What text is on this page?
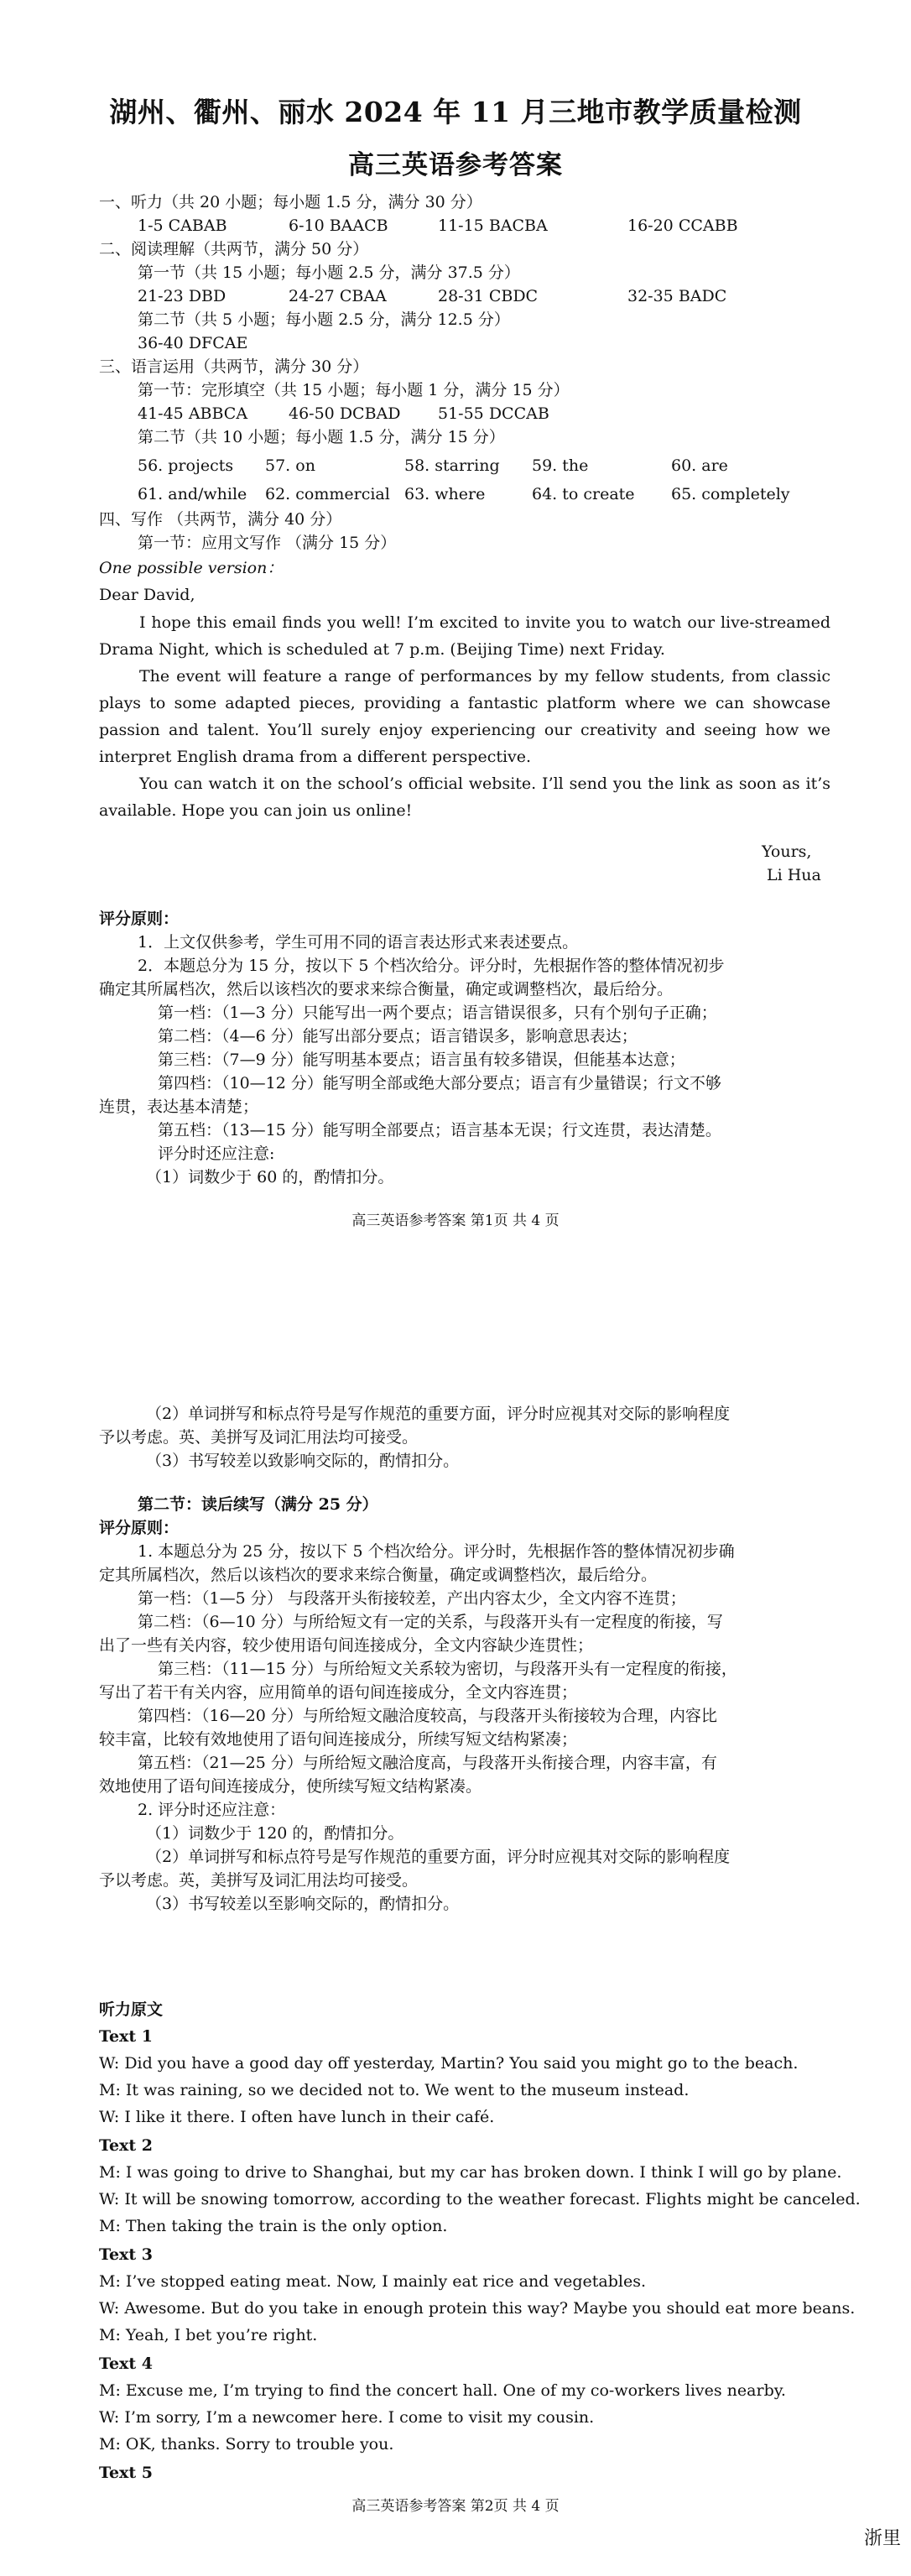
湖州、衢州、丽水 2024 年 11 月三地市教学质量检测
高三英语参考答案
一、听力（共 20 小题；每小题 1.5 分，满分 30 分）
1-5 CABAB	6-10 BAACB	11-15 BACBA	16-20 CCABB
二、阅读理解（共两节，满分 50 分）
第一节（共 15 小题；每小题 2.5 分，满分 37.5 分）
21-23 DBD	24-27 CBAA	28-31 CBDC	32-35 BADC
第二节（共 5 小题；每小题 2.5 分，满分 12.5 分）
36-40 DFCAE
三、语言运用（共两节，满分 30 分）
第一节：完形填空（共 15 小题；每小题 1 分，满分 15 分）
41-45 ABBCA	46-50 DCBAD 51-55 DCCAB
第二节（共 10 小题；每小题 1.5 分，满分 15 分）
56. projects 57. on	58. starring 59. the	60. are
61. and/while 62. commercial 63. where	64. to create 65. completely
四、写作 （共两节，满分 40 分）
第一节：应用文写作 （满分 15 分）
One possible version：
Dear David,
I hope this email finds you well! I’m excited to invite you to watch our live-streamed Drama Night, which is scheduled at 7 p.m. (Beijing Time) next Friday.
The event will feature a range of performances by my fellow students, from classic plays to some adapted pieces, providing a fantastic platform where we can showcase passion and talent. You’ll surely enjoy experiencing our creativity and seeing how we interpret English drama from a different perspective.
You can watch it on the school’s official website. I’ll send you the link as soon as it’s available. Hope you can join us online!
Yours,
Li Hua
评分原则：
1．上文仅供参考，学生可用不同的语言表达形式来表述要点。
2．本题总分为 15 分，按以下 5 个档次给分。评分时，先根据作答的整体情况初步
确定其所属档次，然后以该档次的要求来综合衡量，确定或调整档次，最后给分。
第一档：（1—3 分）只能写出一两个要点；语言错误很多，只有个别句子正确；
第二档：（4—6 分）能写出部分要点；语言错误多，影响意思表达；
第三档：（7—9 分）能写明基本要点；语言虽有较多错误，但能基本达意；
第四档：（10—12 分）能写明全部或绝大部分要点；语言有少量错误；行文不够
连贯，表达基本清楚；
第五档：（13—15 分）能写明全部要点；语言基本无误；行文连贯，表达清楚。
评分时还应注意:
（1）词数少于 60 的，酌情扣分。
高三英语参考答案 第1页 共 4 页
（2）单词拼写和标点符号是写作规范的重要方面，评分时应视其对交际的影响程度
予以考虑。英、美拼写及词汇用法均可接受。
（3）书写较差以致影响交际的，酌情扣分。
第二节：读后续写（满分 25 分）
评分原则：
1. 本题总分为 25 分，按以下 5 个档次给分。评分时，先根据作答的整体情况初步确
定其所属档次，然后以该档次的要求来综合衡量，确定或调整档次，最后给分。
第一档：（1—5 分） 与段落开头衔接较差，产出内容太少，全文内容不连贯；
第二档：（6—10 分）与所给短文有一定的关系，与段落开头有一定程度的衔接，写
出了一些有关内容，较少使用语句间连接成分，全文内容缺少连贯性；
第三档：（11—15 分）与所给短文关系较为密切，与段落开头有一定程度的衔接，
写出了若干有关内容，应用简单的语句间连接成分，全文内容连贯；
第四档：（16—20 分）与所给短文融洽度较高，与段落开头衔接较为合理，内容比
较丰富，比较有效地使用了语句间连接成分，所续写短文结构紧凑；
第五档：（21—25 分）与所给短文融洽度高，与段落开头衔接合理，内容丰富，有
效地使用了语句间连接成分，使所续写短文结构紧凑。
2. 评分时还应注意：
（1）词数少于 120 的，酌情扣分。
（2）单词拼写和标点符号是写作规范的重要方面，评分时应视其对交际的影响程度
予以考虑。英，美拼写及词汇用法均可接受。
（3）书写较差以至影响交际的，酌情扣分。
听力原文
Text 1
W: Did you have a good day off yesterday, Martin? You said you might go to the beach.
M: It was raining, so we decided not to. We went to the museum instead.
W: I like it there. I often have lunch in their café.
Text 2
M: I was going to drive to Shanghai, but my car has broken down. I think I will go by plane.
W: It will be snowing tomorrow, according to the weather forecast. Flights might be canceled.
M: Then taking the train is the only option.
Text 3
M: I’ve stopped eating meat. Now, I mainly eat rice and vegetables.
W: Awesome. But do you take in enough protein this way? Maybe you should eat more beans.
M: Yeah, I bet you’re right.
Text 4
M: Excuse me, I’m trying to find the concert hall. One of my co-workers lives nearby.
W: I’m sorry, I’m a newcomer here. I come to visit my cousin.
M: OK, thanks. Sorry to trouble you.
Text 5
高三英语参考答案 第2页 共 4 页
浙里
